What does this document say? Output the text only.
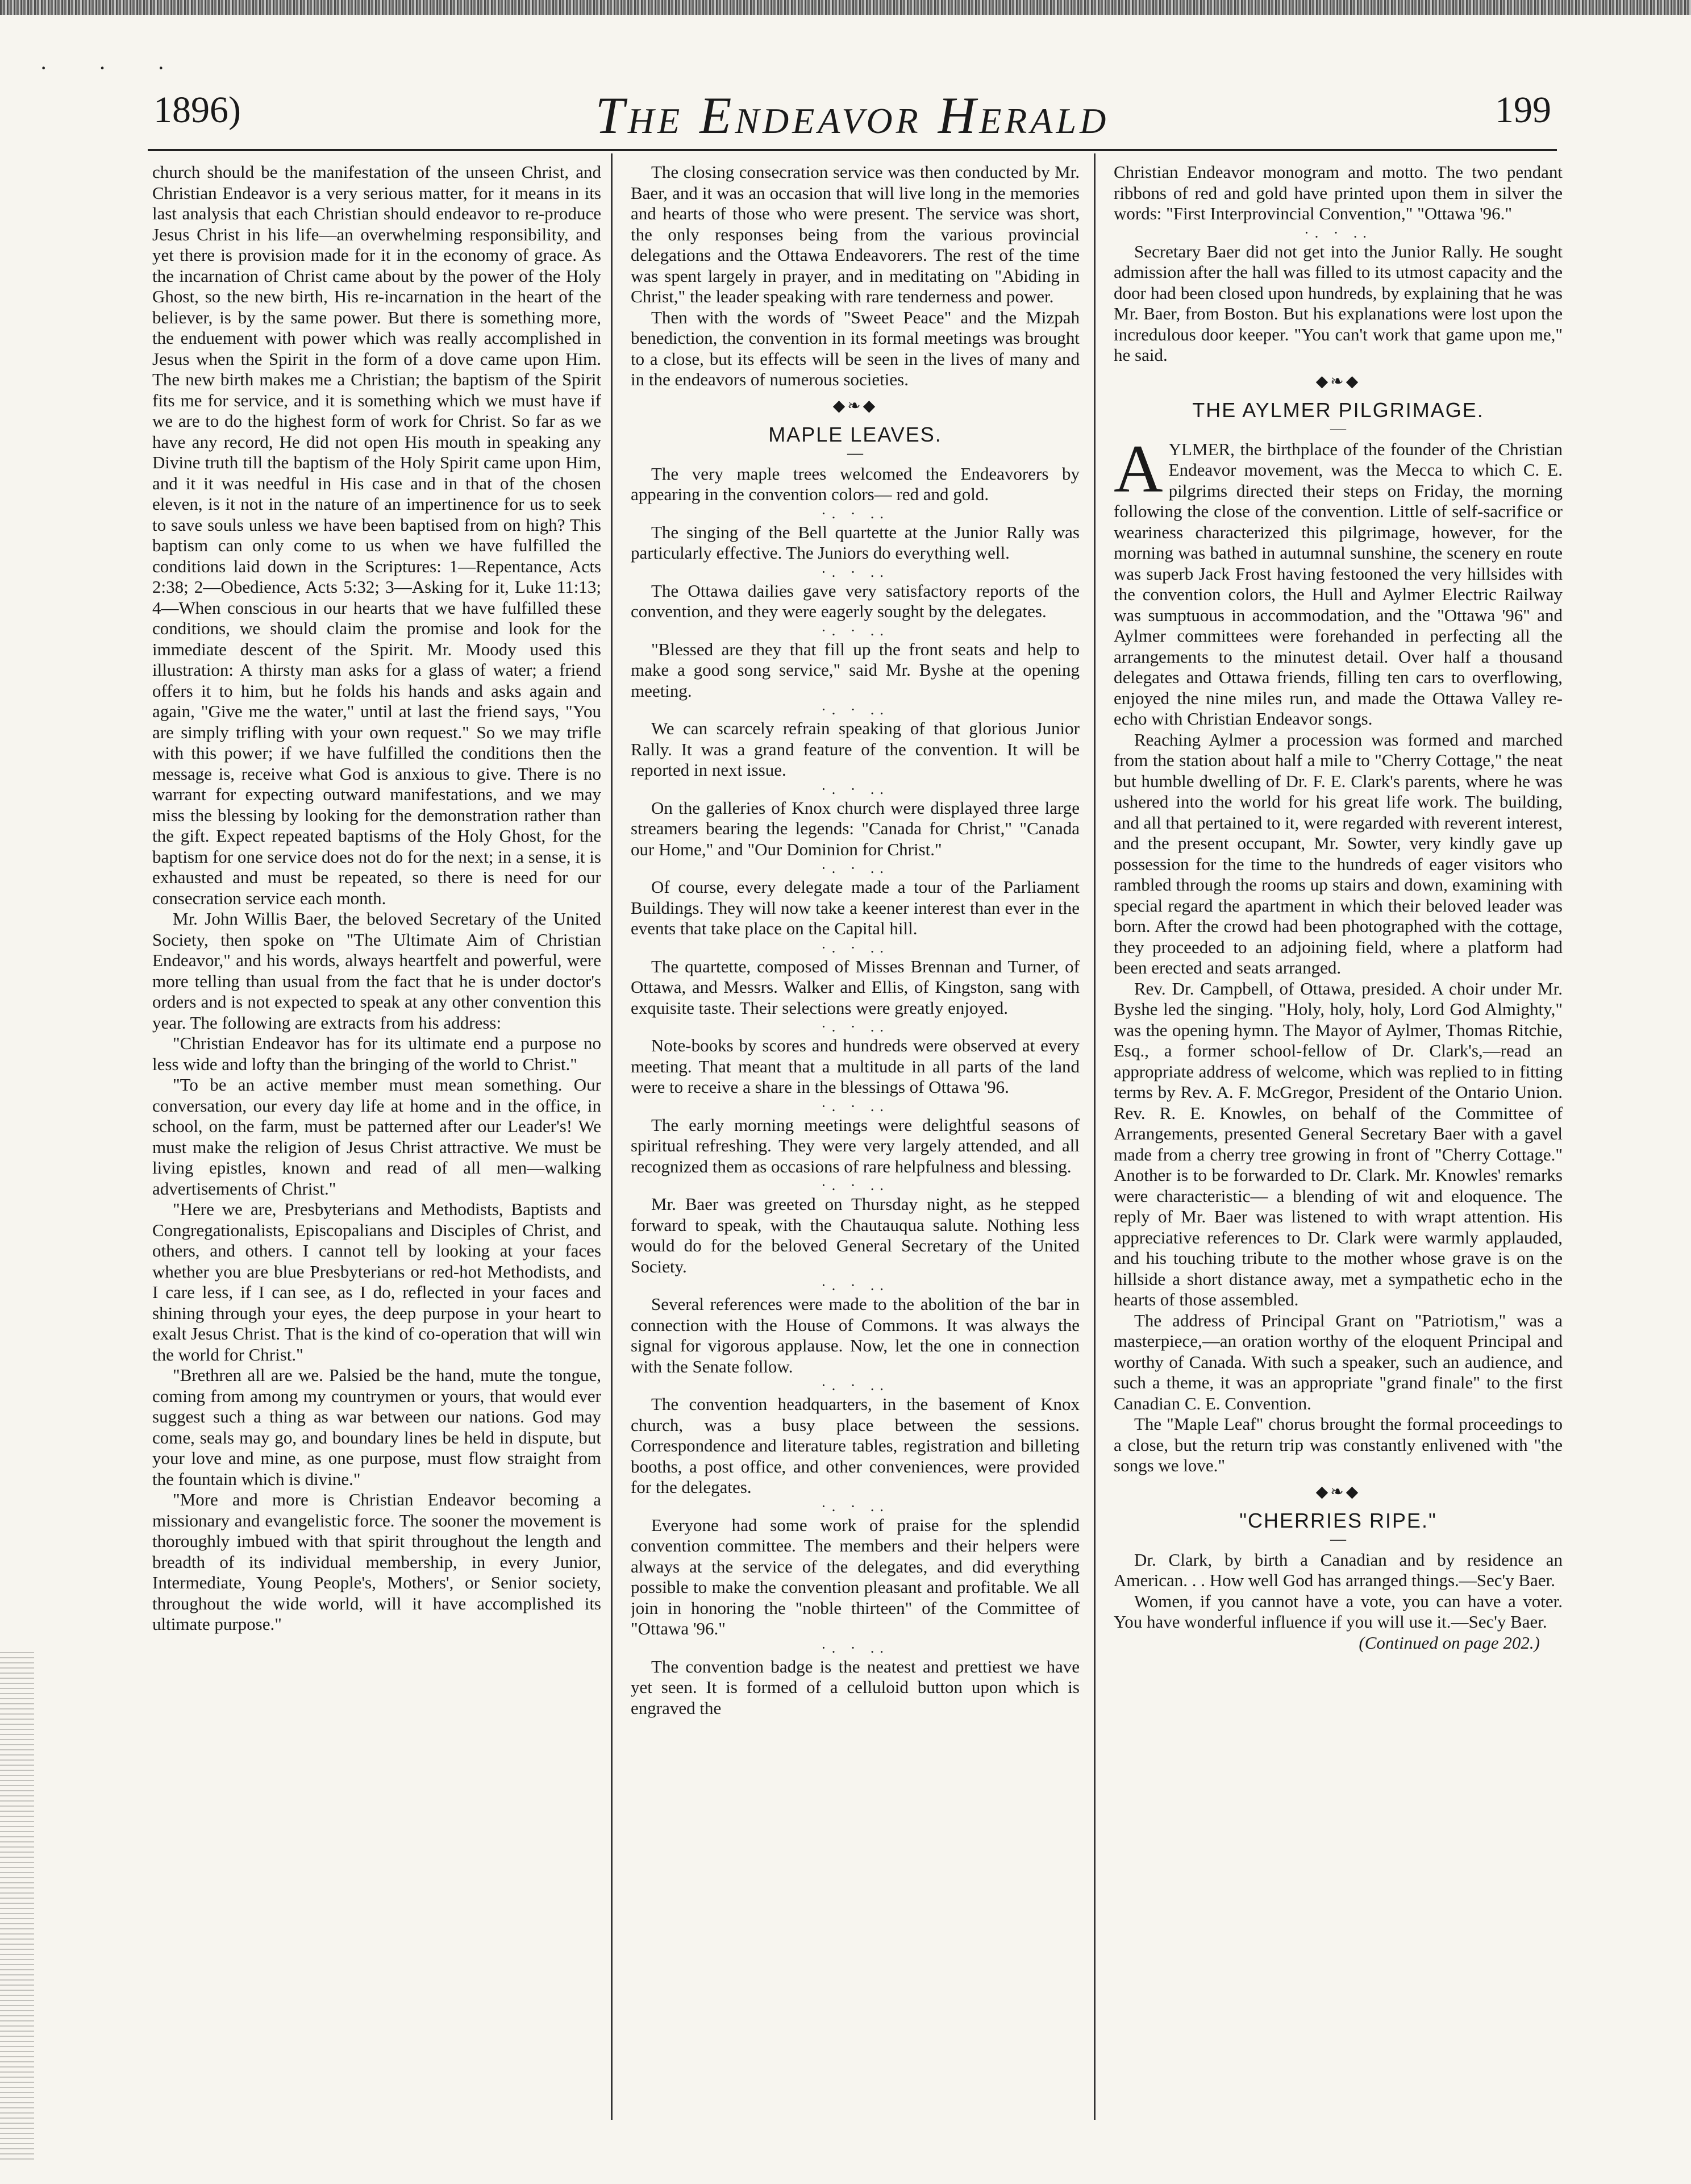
· · ·
1896)	The Endeavor Herald	199

church should be the manifestation of the unseen Christ, and Christian Endeavor is a very serious matter, for it means in its last analysis that each Christian should endeavor to re-produce Jesus Christ in his life—an overwhelming responsibility, and yet there is provision made for it in the economy of grace. As the incarnation of Christ came about by the power of the Holy Ghost, so the new birth, His re-incarnation in the heart of the believer, is by the same power. But there is something more, the enduement with power which was really accomplished in Jesus when the Spirit in the form of a dove came upon Him. The new birth makes me a Christian; the baptism of the Spirit fits me for service, and it is something which we must have if we are to do the highest form of work for Christ. So far as we have any record, He did not open His mouth in speaking any Divine truth till the baptism of the Holy Spirit came upon Him, and it it was needful in His case and in that of the chosen eleven, is it not in the nature of an impertinence for us to seek to save souls unless we have been baptised from on high? This baptism can only come to us when we have fulfilled the conditions laid down in the Scriptures: 1—Repentance, Acts 2:38; 2—Obedience, Acts 5:32; 3—Asking for it, Luke 11:13; 4—When conscious in our hearts that we have fulfilled these conditions, we should claim the promise and look for the immediate descent of the Spirit. Mr. Moody used this illustration: A thirsty man asks for a glass of water; a friend offers it to him, but he folds his hands and asks again and again, "Give me the water," until at last the friend says, "You are simply trifling with your own request." So we may trifle with this power; if we have fulfilled the conditions then the message is, receive what God is anxious to give. There is no warrant for expecting outward manifestations, and we may miss the blessing by looking for the demonstration rather than the gift. Expect repeated baptisms of the Holy Ghost, for the baptism for one service does not do for the next; in a sense, it is exhausted and must be repeated, so there is need for our consecration service each month.

Mr. John Willis Baer, the beloved Secretary of the United Society, then spoke on "The Ultimate Aim of Christian Endeavor," and his words, always heartfelt and powerful, were more telling than usual from the fact that he is under doctor's orders and is not expected to speak at any other convention this year. The following are extracts from his address:

"Christian Endeavor has for its ultimate end a purpose no less wide and lofty than the bringing of the world to Christ."

"To be an active member must mean something. Our conversation, our every day life at home and in the office, in school, on the farm, must be patterned after our Leader's! We must make the religion of Jesus Christ attractive. We must be living epistles, known and read of all men—walking advertisements of Christ."

"Here we are, Presbyterians and Methodists, Baptists and Congregationalists, Episcopalians and Disciples of Christ, and others, and others. I cannot tell by looking at your faces whether you are blue Presbyterians or red-hot Methodists, and I care less, if I can see, as I do, reflected in your faces and shining through your eyes, the deep purpose in your heart to exalt Jesus Christ. That is the kind of co-operation that will win the world for Christ."

"Brethren all are we. Palsied be the hand, mute the tongue, coming from among my countrymen or yours, that would ever suggest such a thing as war between our nations. God may come, seals may go, and boundary lines be held in dispute, but your love and mine, as one purpose, must flow straight from the fountain which is divine."

"More and more is Christian Endeavor becoming a missionary and evangelistic force. The sooner the movement is thoroughly imbued with that spirit throughout the length and breadth of its individual membership, in every Junior, Intermediate, Young People's, Mothers', or Senior society, throughout the wide world, will it have accomplished its ultimate purpose."

The closing consecration service was then conducted by Mr. Baer, and it was an occasion that will live long in the memories and hearts of those who were present. The service was short, the only responses being from the various provincial delegations and the Ottawa Endeavorers. The rest of the time was spent largely in prayer, and in meditating on "Abiding in Christ," the leader speaking with rare tenderness and power.

Then with the words of "Sweet Peace" and the Mizpah benediction, the convention in its formal meetings was brought to a close, but its effects will be seen in the lives of many and in the endeavors of numerous societies.

◆❧◆
MAPLE LEAVES.
—

The very maple trees welcomed the Endeavorers by appearing in the convention colors— red and gold.

·. · ..

The singing of the Bell quartette at the Junior Rally was particularly effective. The Juniors do everything well.

·. · ..

The Ottawa dailies gave very satisfactory reports of the convention, and they were eagerly sought by the delegates.

·. · ..

"Blessed are they that fill up the front seats and help to make a good song service," said Mr. Byshe at the opening meeting.

·. · ..

We can scarcely refrain speaking of that glorious Junior Rally. It was a grand feature of the convention. It will be reported in next issue.

·. · ..

On the galleries of Knox church were displayed three large streamers bearing the legends: "Canada for Christ," "Canada our Home," and "Our Dominion for Christ."

·. · ..

Of course, every delegate made a tour of the Parliament Buildings. They will now take a keener interest than ever in the events that take place on the Capital hill.

·. · ..

The quartette, composed of Misses Brennan and Turner, of Ottawa, and Messrs. Walker and Ellis, of Kingston, sang with exquisite taste. Their selections were greatly enjoyed.

·. · ..

Note-books by scores and hundreds were observed at every meeting. That meant that a multitude in all parts of the land were to receive a share in the blessings of Ottawa '96.

·. · ..

The early morning meetings were delightful seasons of spiritual refreshing. They were very largely attended, and all recognized them as occasions of rare helpfulness and blessing.

·. · ..

Mr. Baer was greeted on Thursday night, as he stepped forward to speak, with the Chautauqua salute. Nothing less would do for the beloved General Secretary of the United Society.

·. · ..

Several references were made to the abolition of the bar in connection with the House of Commons. It was always the signal for vigorous applause. Now, let the one in connection with the Senate follow.

·. · ..

The convention headquarters, in the basement of Knox church, was a busy place between the sessions. Correspondence and literature tables, registration and billeting booths, a post office, and other conveniences, were provided for the delegates.

·. · ..

Everyone had some work of praise for the splendid convention committee. The members and their helpers were always at the service of the delegates, and did everything possible to make the convention pleasant and profitable. We all join in honoring the "noble thirteen" of the Committee of "Ottawa '96."

·. · ..

The convention badge is the neatest and prettiest we have yet seen. It is formed of a celluloid button upon which is engraved the

Christian Endeavor monogram and motto. The two pendant ribbons of red and gold have printed upon them in silver the words: "First Interprovincial Convention," "Ottawa '96."

·. · ..

Secretary Baer did not get into the Junior Rally. He sought admission after the hall was filled to its utmost capacity and the door had been closed upon hundreds, by explaining that he was Mr. Baer, from Boston. But his explanations were lost upon the incredulous door keeper. "You can't work that game upon me," he said.

◆❧◆
THE AYLMER PILGRIMAGE.
—

AYLMER, the birthplace of the founder of the Christian Endeavor movement, was the Mecca to which C. E. pilgrims directed their steps on Friday, the morning following the close of the convention. Little of self-sacrifice or weariness characterized this pilgrimage, however, for the morning was bathed in autumnal sunshine, the scenery en route was superb Jack Frost having festooned the very hillsides with the convention colors, the Hull and Aylmer Electric Railway was sumptuous in accommodation, and the "Ottawa '96" and Aylmer committees were forehanded in perfecting all the arrangements to the minutest detail. Over half a thousand delegates and Ottawa friends, filling ten cars to overflowing, enjoyed the nine miles run, and made the Ottawa Valley re-echo with Christian Endeavor songs.

Reaching Aylmer a procession was formed and marched from the station about half a mile to "Cherry Cottage," the neat but humble dwelling of Dr. F. E. Clark's parents, where he was ushered into the world for his great life work. The building, and all that pertained to it, were regarded with reverent interest, and the present occupant, Mr. Sowter, very kindly gave up possession for the time to the hundreds of eager visitors who rambled through the rooms up stairs and down, examining with special regard the apartment in which their beloved leader was born. After the crowd had been photographed with the cottage, they proceeded to an adjoining field, where a platform had been erected and seats arranged.

Rev. Dr. Campbell, of Ottawa, presided. A choir under Mr. Byshe led the singing. "Holy, holy, holy, Lord God Almighty," was the opening hymn. The Mayor of Aylmer, Thomas Ritchie, Esq., a former school-fellow of Dr. Clark's,—read an appropriate address of welcome, which was replied to in fitting terms by Rev. A. F. McGregor, President of the Ontario Union. Rev. R. E. Knowles, on behalf of the Committee of Arrangements, presented General Secretary Baer with a gavel made from a cherry tree growing in front of "Cherry Cottage." Another is to be forwarded to Dr. Clark. Mr. Knowles' remarks were characteristic— a blending of wit and eloquence. The reply of Mr. Baer was listened to with wrapt attention. His appreciative references to Dr. Clark were warmly applauded, and his touching tribute to the mother whose grave is on the hillside a short distance away, met a sympathetic echo in the hearts of those assembled.

The address of Principal Grant on "Patriotism," was a masterpiece,—an oration worthy of the eloquent Principal and worthy of Canada. With such a speaker, such an audience, and such a theme, it was an appropriate "grand finale" to the first Canadian C. E. Convention.

The "Maple Leaf" chorus brought the formal proceedings to a close, but the return trip was constantly enlivened with "the songs we love."

◆❧◆
"CHERRIES RIPE."
—

Dr. Clark, by birth a Canadian and by residence an American. . . How well God has arranged things.—Sec'y Baer.

Women, if you cannot have a vote, you can have a voter. You have wonderful influence if you will use it.—Sec'y Baer.

(Continued on page 202.)
